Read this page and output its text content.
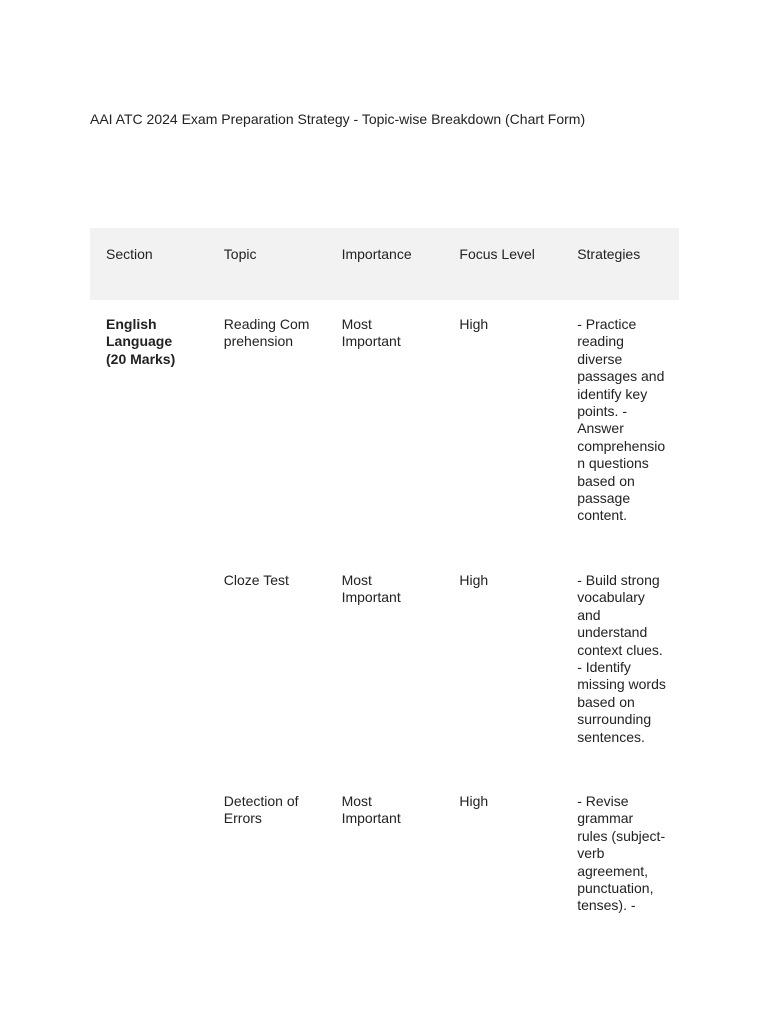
AAI ATC 2024 Exam Preparation Strategy - Topic-wise Breakdown (Chart Form)
Section	Topic	Importance	Focus Level	Strategies
English Language (20 Marks)	Reading Comprehension	Most Important	High	- Practice reading diverse passages and identify key points. - Answer comprehension questions based on passage content.
	Cloze Test	Most Important	High	- Build strong vocabulary and understand context clues. - Identify missing words based on surrounding sentences.
	Detection of Errors	Most Important	High	- Revise grammar rules (subject-verb agreement, punctuation, tenses). -
